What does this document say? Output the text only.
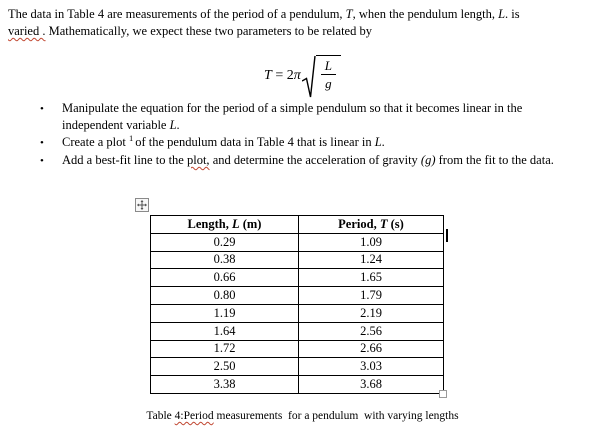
The data in Table 4 are measurements of the period of a pendulum, T, when the pendulum length, L. is
varied . Mathematically, we expect these two parameters to be related by
$T = 2\pi \frac{L}{g}$
•	Manipulate the equation for the period of a simple pendulum so that it becomes linear in the
independent variable L.
•	Create a plot $^1$ of the pendulum data in Table 4 that is linear in L.
•	Add a best-fit line to the plot, and determine the acceleration of gravity (g) from the fit to the data.
Length, L (m)	Period, T (s)
0.29	1.09
0.38	1.24
0.66	1.65
0.80	1.79
1.19	2.19
1.64	2.56
1.72	2.66
2.50	3.03
3.38	3.68
Table 4:Period measurements  for a pendulum  with varying lengths
